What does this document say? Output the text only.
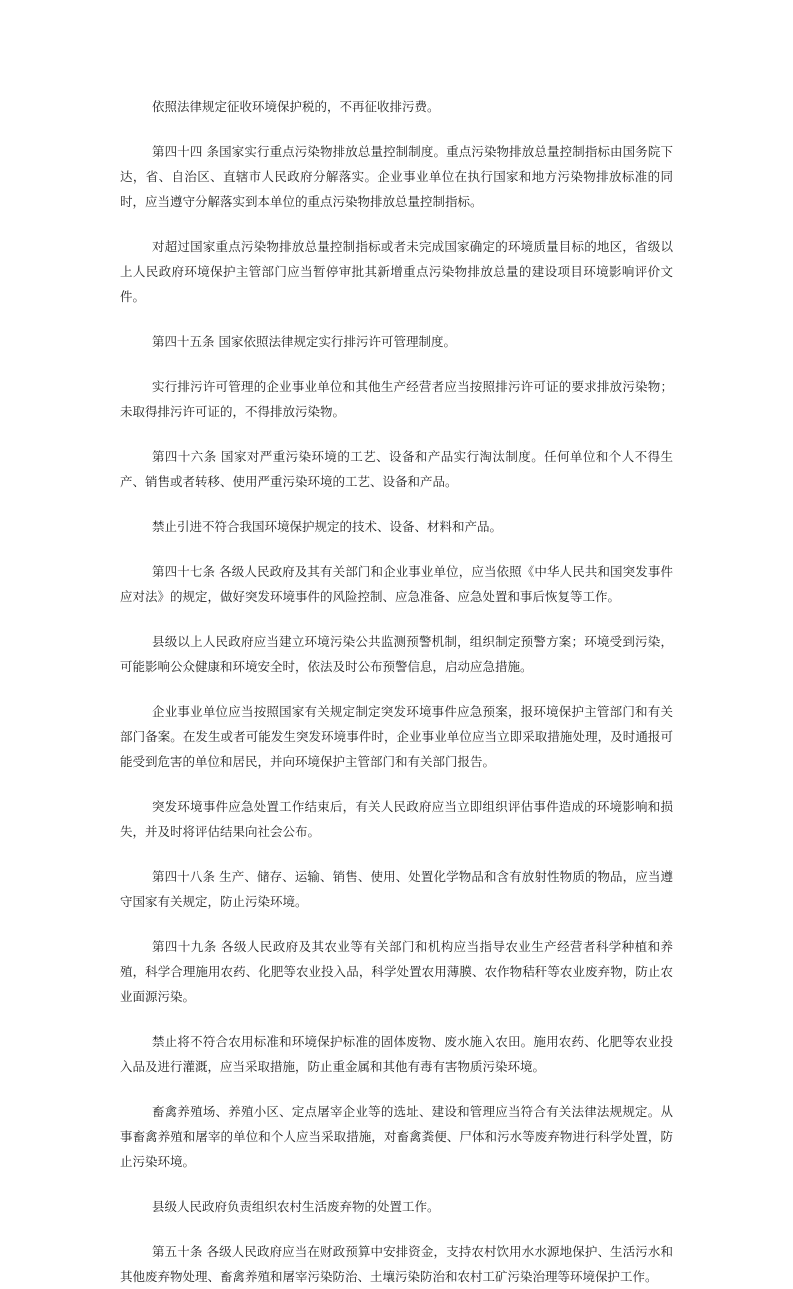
依照法律规定征收环境保护税的，不再征收排污费。

第四十四 条国家实行重点污染物排放总量控制制度。重点污染物排放总量控制指标由国务院下达，省、自治区、直辖市人民政府分解落实。企业事业单位在执行国家和地方污染物排放标准的同时，应当遵守分解落实到本单位的重点污染物排放总量控制指标。

对超过国家重点污染物排放总量控制指标或者未完成国家确定的环境质量目标的地区，省级以上人民政府环境保护主管部门应当暂停审批其新增重点污染物排放总量的建设项目环境影响评价文件。

第四十五条 国家依照法律规定实行排污许可管理制度。

实行排污许可管理的企业事业单位和其他生产经营者应当按照排污许可证的要求排放污染物；未取得排污许可证的，不得排放污染物。

第四十六条 国家对严重污染环境的工艺、设备和产品实行淘汰制度。任何单位和个人不得生产、销售或者转移、使用严重污染环境的工艺、设备和产品。

禁止引进不符合我国环境保护规定的技术、设备、材料和产品。

第四十七条 各级人民政府及其有关部门和企业事业单位，应当依照《中华人民共和国突发事件应对法》的规定，做好突发环境事件的风险控制、应急准备、应急处置和事后恢复等工作。

县级以上人民政府应当建立环境污染公共监测预警机制，组织制定预警方案；环境受到污染，可能影响公众健康和环境安全时，依法及时公布预警信息，启动应急措施。

企业事业单位应当按照国家有关规定制定突发环境事件应急预案，报环境保护主管部门和有关部门备案。在发生或者可能发生突发环境事件时，企业事业单位应当立即采取措施处理，及时通报可能受到危害的单位和居民，并向环境保护主管部门和有关部门报告。

突发环境事件应急处置工作结束后，有关人民政府应当立即组织评估事件造成的环境影响和损失，并及时将评估结果向社会公布。

第四十八条 生产、储存、运输、销售、使用、处置化学物品和含有放射性物质的物品，应当遵守国家有关规定，防止污染环境。

第四十九条 各级人民政府及其农业等有关部门和机构应当指导农业生产经营者科学种植和养殖，科学合理施用农药、化肥等农业投入品，科学处置农用薄膜、农作物秸秆等农业废弃物，防止农业面源污染。

禁止将不符合农用标准和环境保护标准的固体废物、废水施入农田。施用农药、化肥等农业投入品及进行灌溉，应当采取措施，防止重金属和其他有毒有害物质污染环境。

畜禽养殖场、养殖小区、定点屠宰企业等的选址、建设和管理应当符合有关法律法规规定。从事畜禽养殖和屠宰的单位和个人应当采取措施，对畜禽粪便、尸体和污水等废弃物进行科学处置，防止污染环境。

县级人民政府负责组织农村生活废弃物的处置工作。

第五十条 各级人民政府应当在财政预算中安排资金，支持农村饮用水水源地保护、生活污水和其他废弃物处理、畜禽养殖和屠宰污染防治、土壤污染防治和农村工矿污染治理等环境保护工作。
